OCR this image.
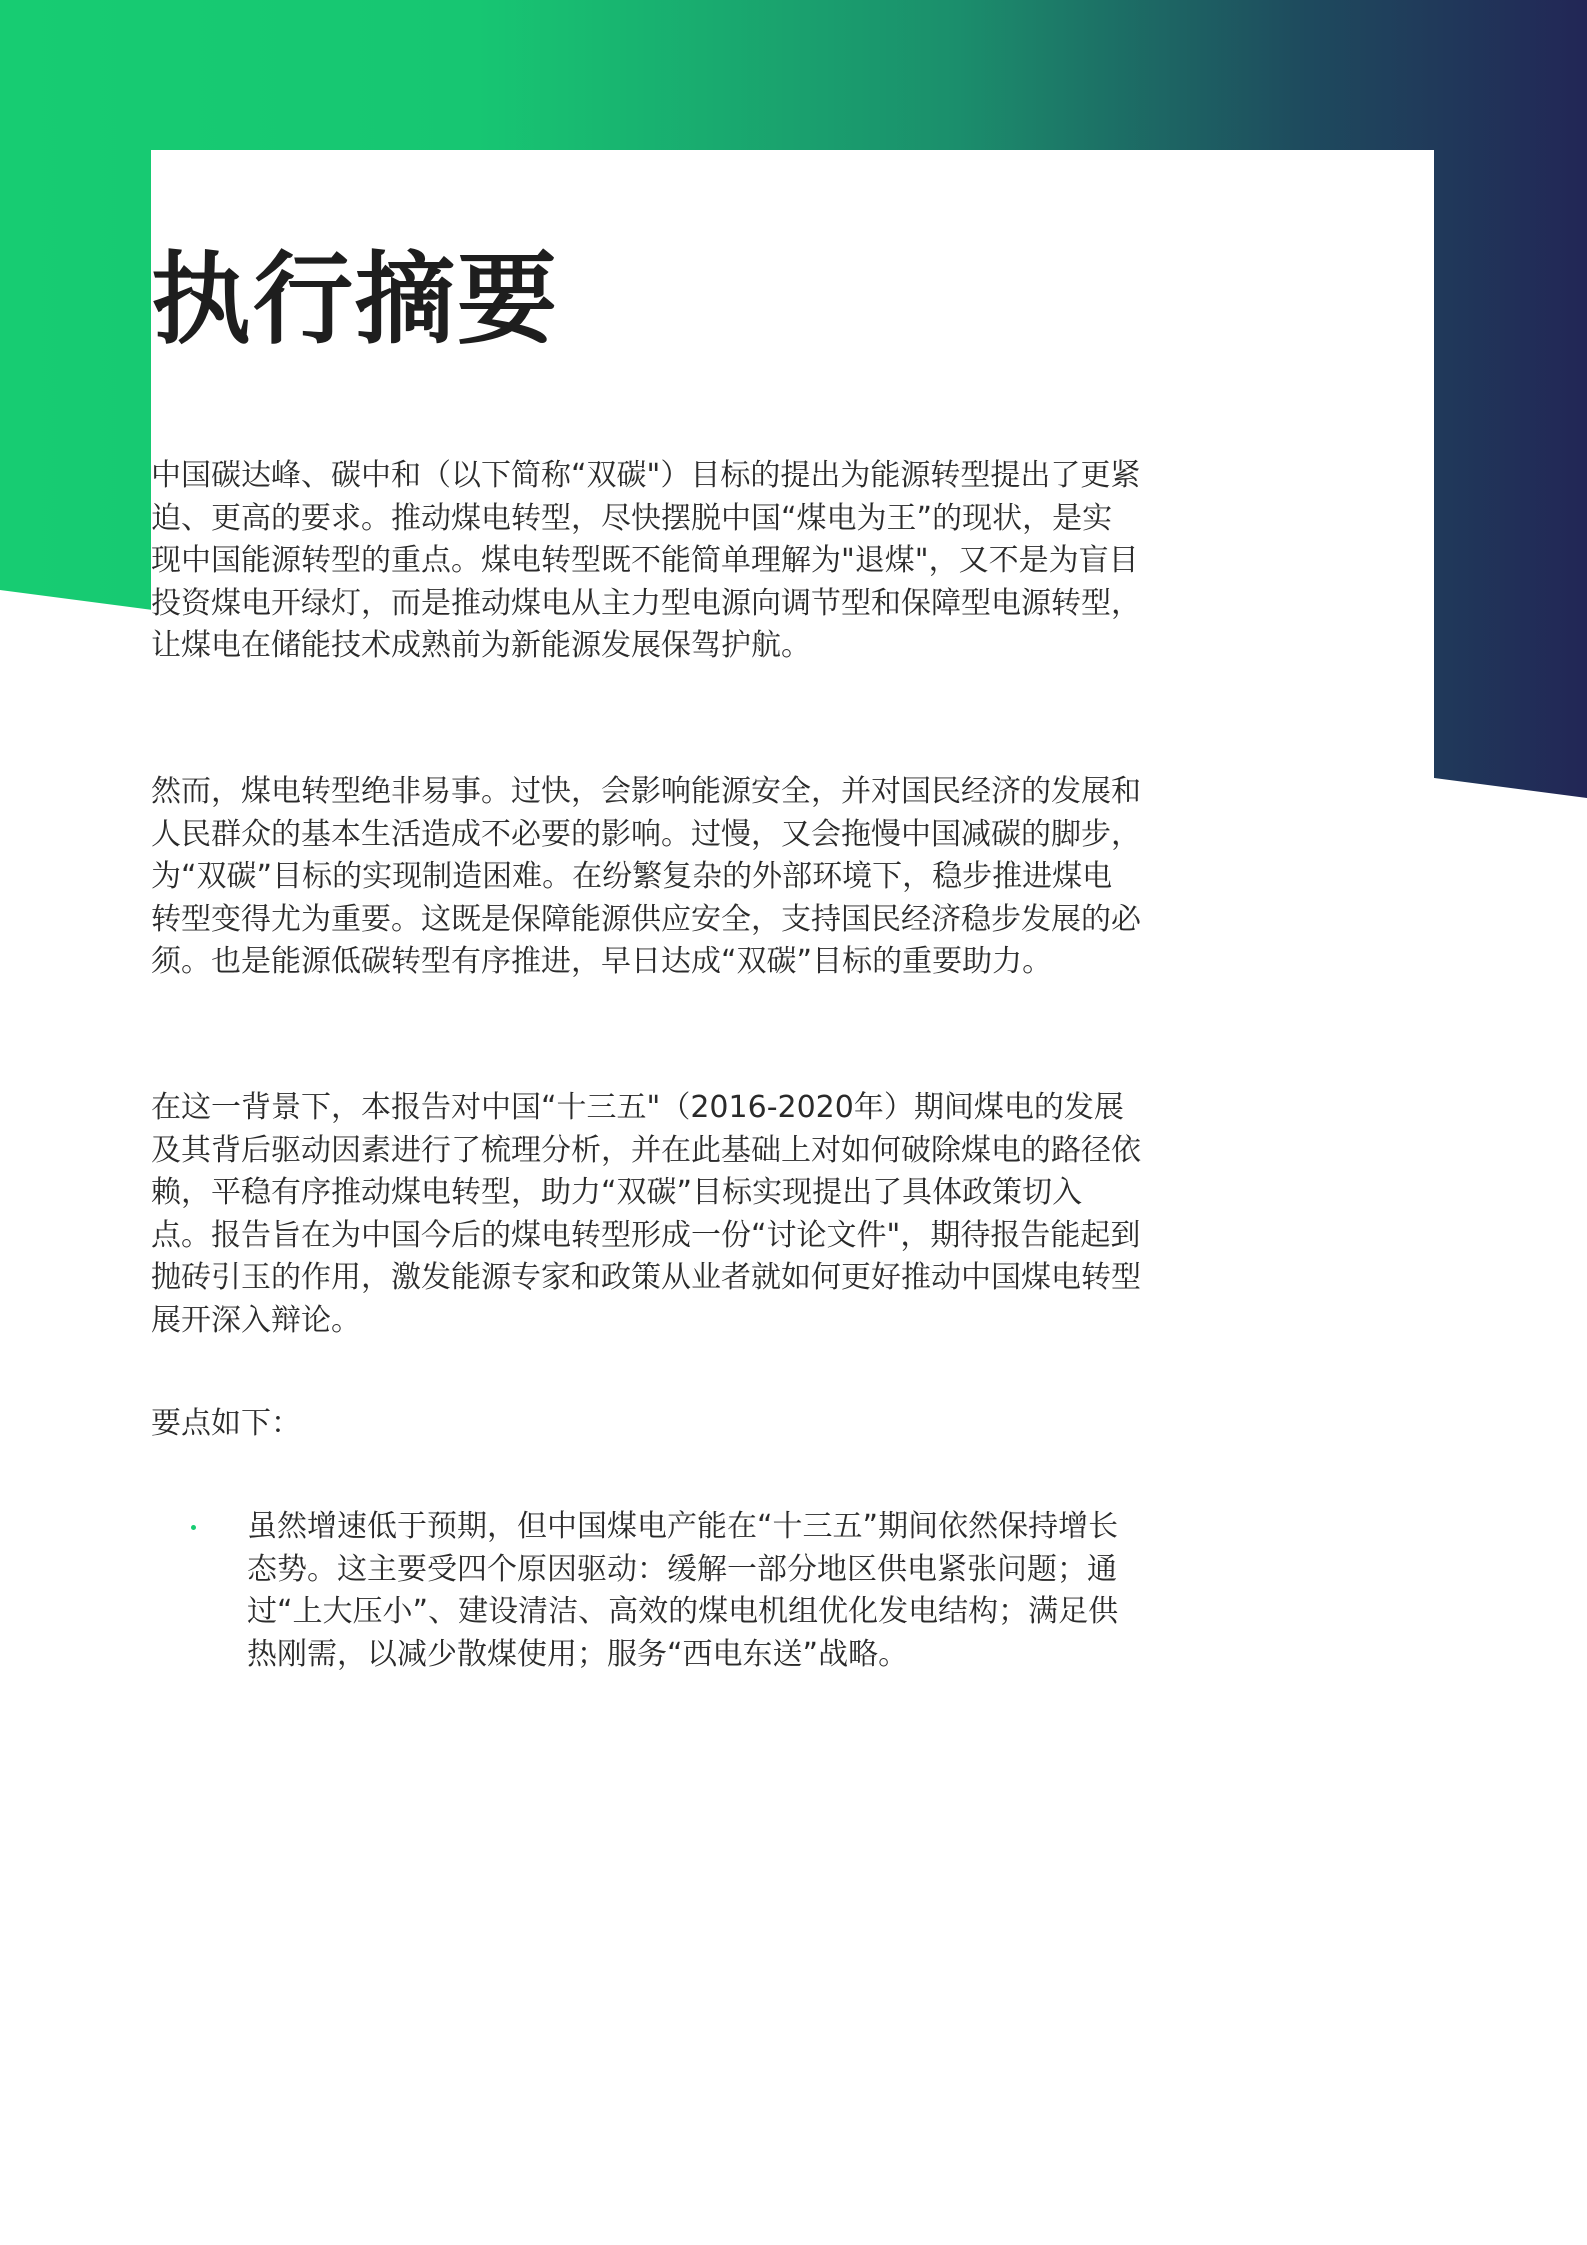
执行摘要

中国碳达峰、碳中和（以下简称“双碳"）目标的提出为能源转型提出了更紧迫、更高的要求。推动煤电转型，尽快摆脱中国“煤电为王”的现状，是实现中国能源转型的重点。煤电转型既不能简单理解为"退煤"，又不是为盲目投资煤电开绿灯，而是推动煤电从主力型电源向调节型和保障型电源转型，让煤电在储能技术成熟前为新能源发展保驾护航。

然而，煤电转型绝非易事。过快，会影响能源安全，并对国民经济的发展和人民群众的基本生活造成不必要的影响。过慢，又会拖慢中国减碳的脚步，为“双碳”目标的实现制造困难。在纷繁复杂的外部环境下，稳步推进煤电转型变得尤为重要。这既是保障能源供应安全，支持国民经济稳步发展的必须。也是能源低碳转型有序推进，早日达成“双碳”目标的重要助力。

在这一背景下，本报告对中国“十三五"（2016-2020年）期间煤电的发展及其背后驱动因素进行了梳理分析，并在此基础上对如何破除煤电的路径依赖，平稳有序推动煤电转型，助力“双碳”目标实现提出了具体政策切入点。报告旨在为中国今后的煤电转型形成一份“讨论文件"，期待报告能起到抛砖引玉的作用，激发能源专家和政策从业者就如何更好推动中国煤电转型展开深入辩论。

要点如下：

虽然增速低于预期，但中国煤电产能在“十三五”期间依然保持增长态势。这主要受四个原因驱动：缓解一部分地区供电紧张问题；通过“上大压小”、建设清洁、高效的煤电机组优化发电结构；满足供热刚需，以减少散煤使用；服务“西电东送”战略。
